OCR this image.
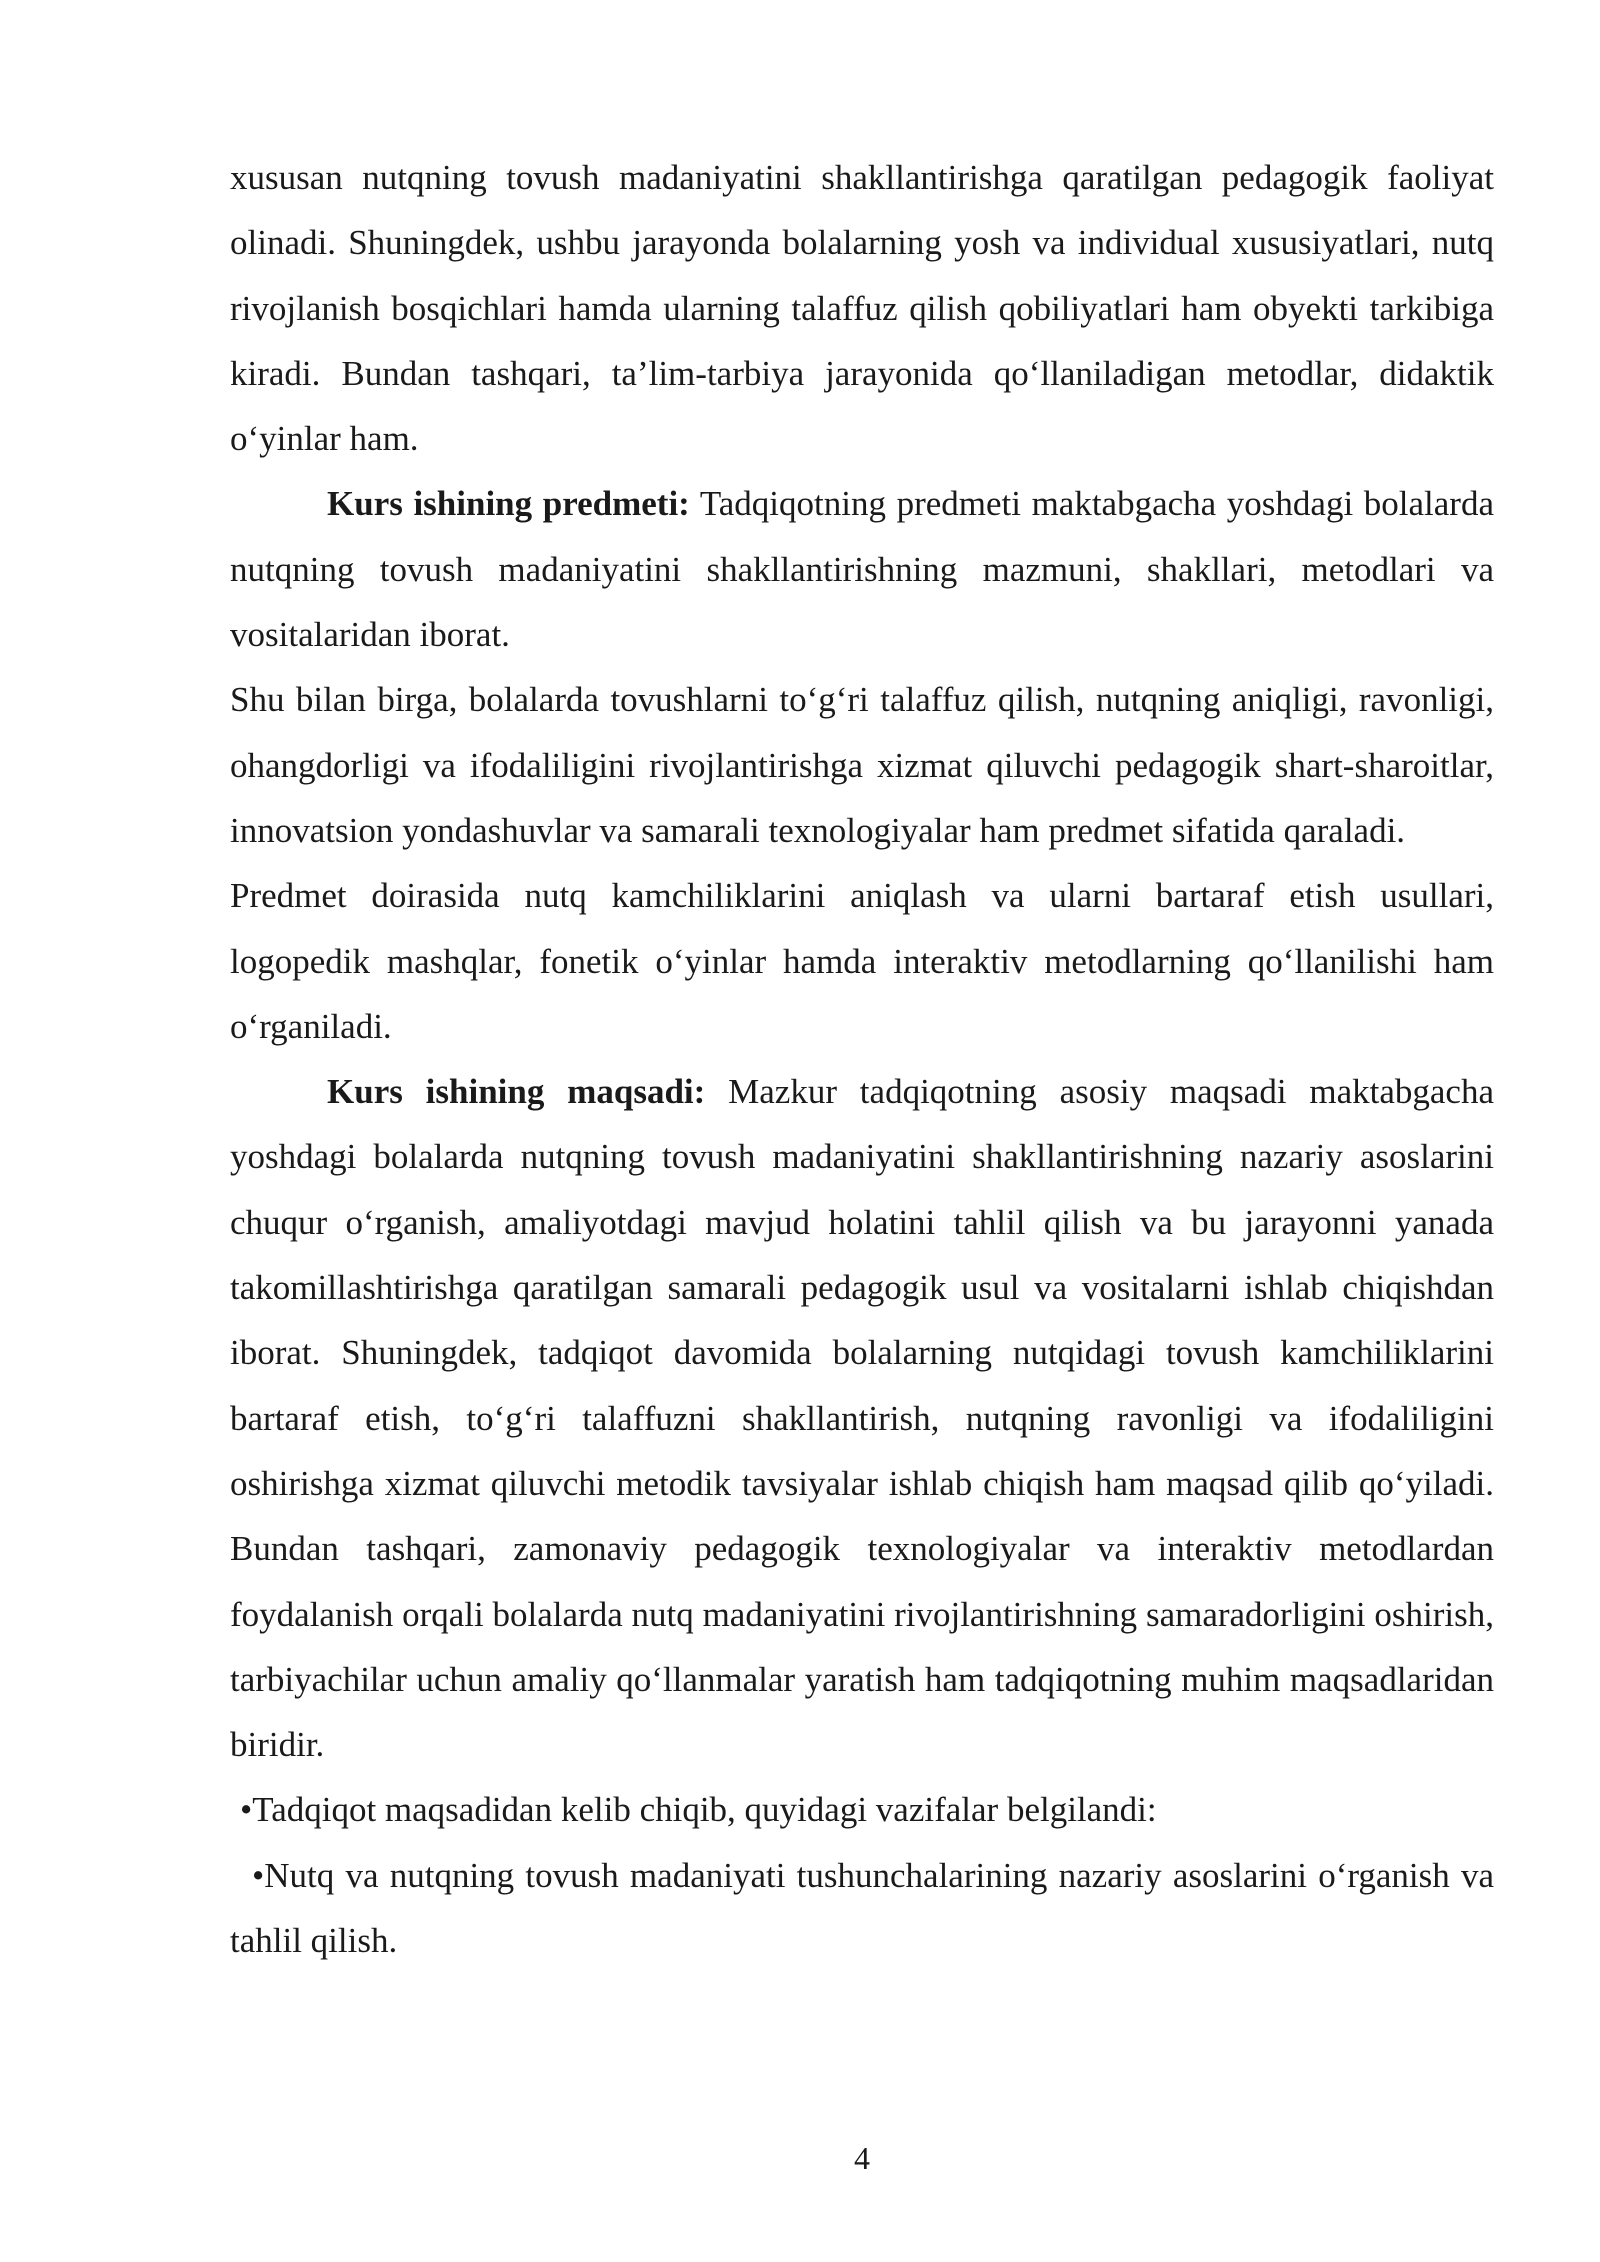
xususan nutqning tovush madaniyatini shakllantirishga qaratilgan pedagogik faoliyat olinadi. Shuningdek, ushbu jarayonda bolalarning yosh va individual xususiyatlari, nutq rivojlanish bosqichlari hamda ularning talaffuz qilish qobiliyatlari ham obyekti tarkibiga kiradi. Bundan tashqari, ta’lim-tarbiya jarayonida qoʻllaniladigan metodlar, didaktik oʻyinlar ham.

Kurs ishining predmeti: Tadqiqotning predmeti maktabgacha yoshdagi bolalarda nutqning tovush madaniyatini shakllantirishning mazmuni, shakllari, metodlari va vositalaridan iborat.

Shu bilan birga, bolalarda tovushlarni toʻgʻri talaffuz qilish, nutqning aniqligi, ravonligi, ohangdorligi va ifodaliligini rivojlantirishga xizmat qiluvchi pedagogik shart-sharoitlar, innovatsion yondashuvlar va samarali texnologiyalar ham predmet sifatida qaraladi.

Predmet doirasida nutq kamchiliklarini aniqlash va ularni bartaraf etish usullari, logopedik mashqlar, fonetik oʻyinlar hamda interaktiv metodlarning qoʻllanilishi ham oʻrganiladi.

Kurs ishining maqsadi: Mazkur tadqiqotning asosiy maqsadi maktabgacha yoshdagi bolalarda nutqning tovush madaniyatini shakllantirishning nazariy asoslarini chuqur oʻrganish, amaliyotdagi mavjud holatini tahlil qilish va bu jarayonni yanada takomillashtirishga qaratilgan samarali pedagogik usul va vositalarni ishlab chiqishdan iborat. Shuningdek, tadqiqot davomida bolalarning nutqidagi tovush kamchiliklarini bartaraf etish, toʻgʻri talaffuzni shakllantirish, nutqning ravonligi va ifodaliligini oshirishga xizmat qiluvchi metodik tavsiyalar ishlab chiqish ham maqsad qilib qoʻyiladi. Bundan tashqari, zamonaviy pedagogik texnologiyalar va interaktiv metodlardan foydalanish orqali bolalarda nutq madaniyatini rivojlantirishning samaradorligini oshirish, tarbiyachilar uchun amaliy qoʻllanmalar yaratish ham tadqiqotning muhim maqsadlaridan biridir.

•Tadqiqot maqsadidan kelib chiqib, quyidagi vazifalar belgilandi:

•Nutq va nutqning tovush madaniyati tushunchalarining nazariy asoslarini oʻrganish va tahlil qilish.

4
